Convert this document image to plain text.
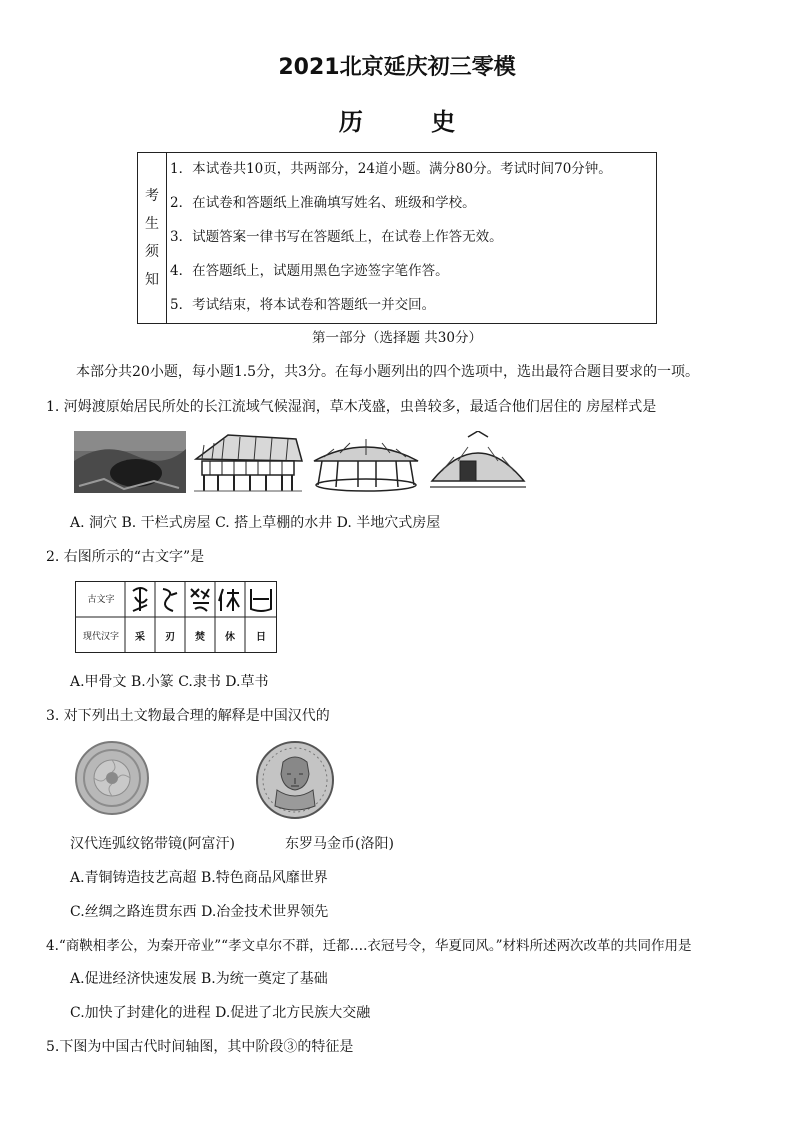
2021北京延庆初三零模
历 史
考
生
须
知
1．本试卷共10页，共两部分，24道小题。满分80分。考试时间70分钟。
2．在试卷和答题纸上准确填写姓名、班级和学校。
3．试题答案一律书写在答题纸上，在试卷上作答无效。
4．在答题纸上，试题用黑色字迹签字笔作答。
5．考试结束，将本试卷和答题纸一并交回。
第一部分（选择题 共30分）
本部分共20小题，每小题1.5分，共3分。在每小题列出的四个选项中，选出最符合题目要求的一项。
1. 河姆渡原始居民所处的长江流域气候湿润，草木茂盛，虫兽较多，最适合他们居住的 房屋样式是
A. 洞穴 B. 干栏式房屋 C. 搭上草棚的水井 D. 半地穴式房屋
2. 右图所示的“古文字”是
古文字
现代汉字	采	刃	焚	休	日
A.甲骨文 B.小篆 C.隶书 D.草书
3. 对下列出土文物最合理的解释是中国汉代的
汉代连弧纹铭带镜(阿富汗)	东罗马金币(洛阳)
A.青铜铸造技艺高超 B.特色商品风靡世界
C.丝绸之路连贯东西 D.冶金技术世界领先
4.“商鞅相孝公，为秦开帝业”“孝文卓尔不群，迁都….衣冠号令，华夏同风。”材料所述两次改革的共同作用是
A.促进经济快速发展 B.为统一奠定了基础
C.加快了封建化的进程 D.促进了北方民族大交融
5.下图为中国古代时间轴图，其中阶段③的特征是
